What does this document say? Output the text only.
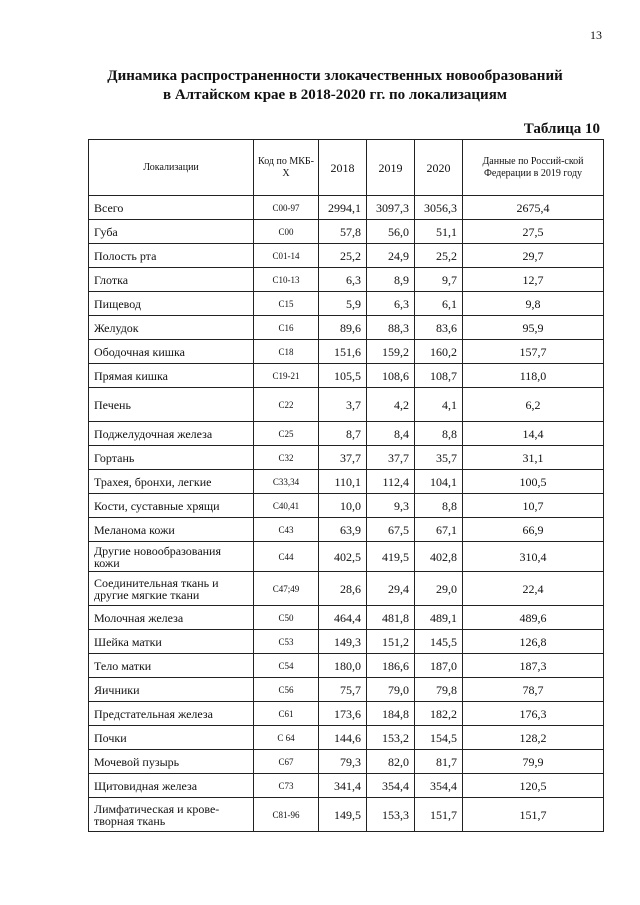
13
Динамика распространенности злокачественных новообразований
в Алтайском крае в 2018-2020 гг. по локализациям
Таблица 10
Локализации	Код по МКБ-Х	2018	2019	2020	Данные по Россий-ской Федерации в 2019 году
Всего	С00-97	2994,1	3097,3	3056,3	2675,4
Губа	С00	57,8	56,0	51,1	27,5
Полость рта	С01-14	25,2	24,9	25,2	29,7
Глотка	С10-13	6,3	8,9	9,7	12,7
Пищевод	С15	5,9	6,3	6,1	9,8
Желудок	С16	89,6	88,3	83,6	95,9
Ободочная кишка	С18	151,6	159,2	160,2	157,7
Прямая кишка	С19-21	105,5	108,6	108,7	118,0
Печень	С22	3,7	4,2	4,1	6,2
Поджелудочная железа	С25	8,7	8,4	8,8	14,4
Гортань	С32	37,7	37,7	35,7	31,1
Трахея, бронхи, легкие	С33,34	110,1	112,4	104,1	100,5
Кости, суставные хрящи	С40,41	10,0	9,3	8,8	10,7
Меланома кожи	С43	63,9	67,5	67,1	66,9
Другие новообразования кожи	С44	402,5	419,5	402,8	310,4
Соединительная ткань и другие мягкие ткани	С47;49	28,6	29,4	29,0	22,4
Молочная железа	С50	464,4	481,8	489,1	489,6
Шейка матки	С53	149,3	151,2	145,5	126,8
Тело матки	С54	180,0	186,6	187,0	187,3
Яичники	С56	75,7	79,0	79,8	78,7
Предстательная железа	С61	173,6	184,8	182,2	176,3
Почки	С 64	144,6	153,2	154,5	128,2
Мочевой пузырь	С67	79,3	82,0	81,7	79,9
Щитовидная железа	С73	341,4	354,4	354,4	120,5
Лимфатическая и крове-творная ткань	С81-96	149,5	153,3	151,7	151,7
